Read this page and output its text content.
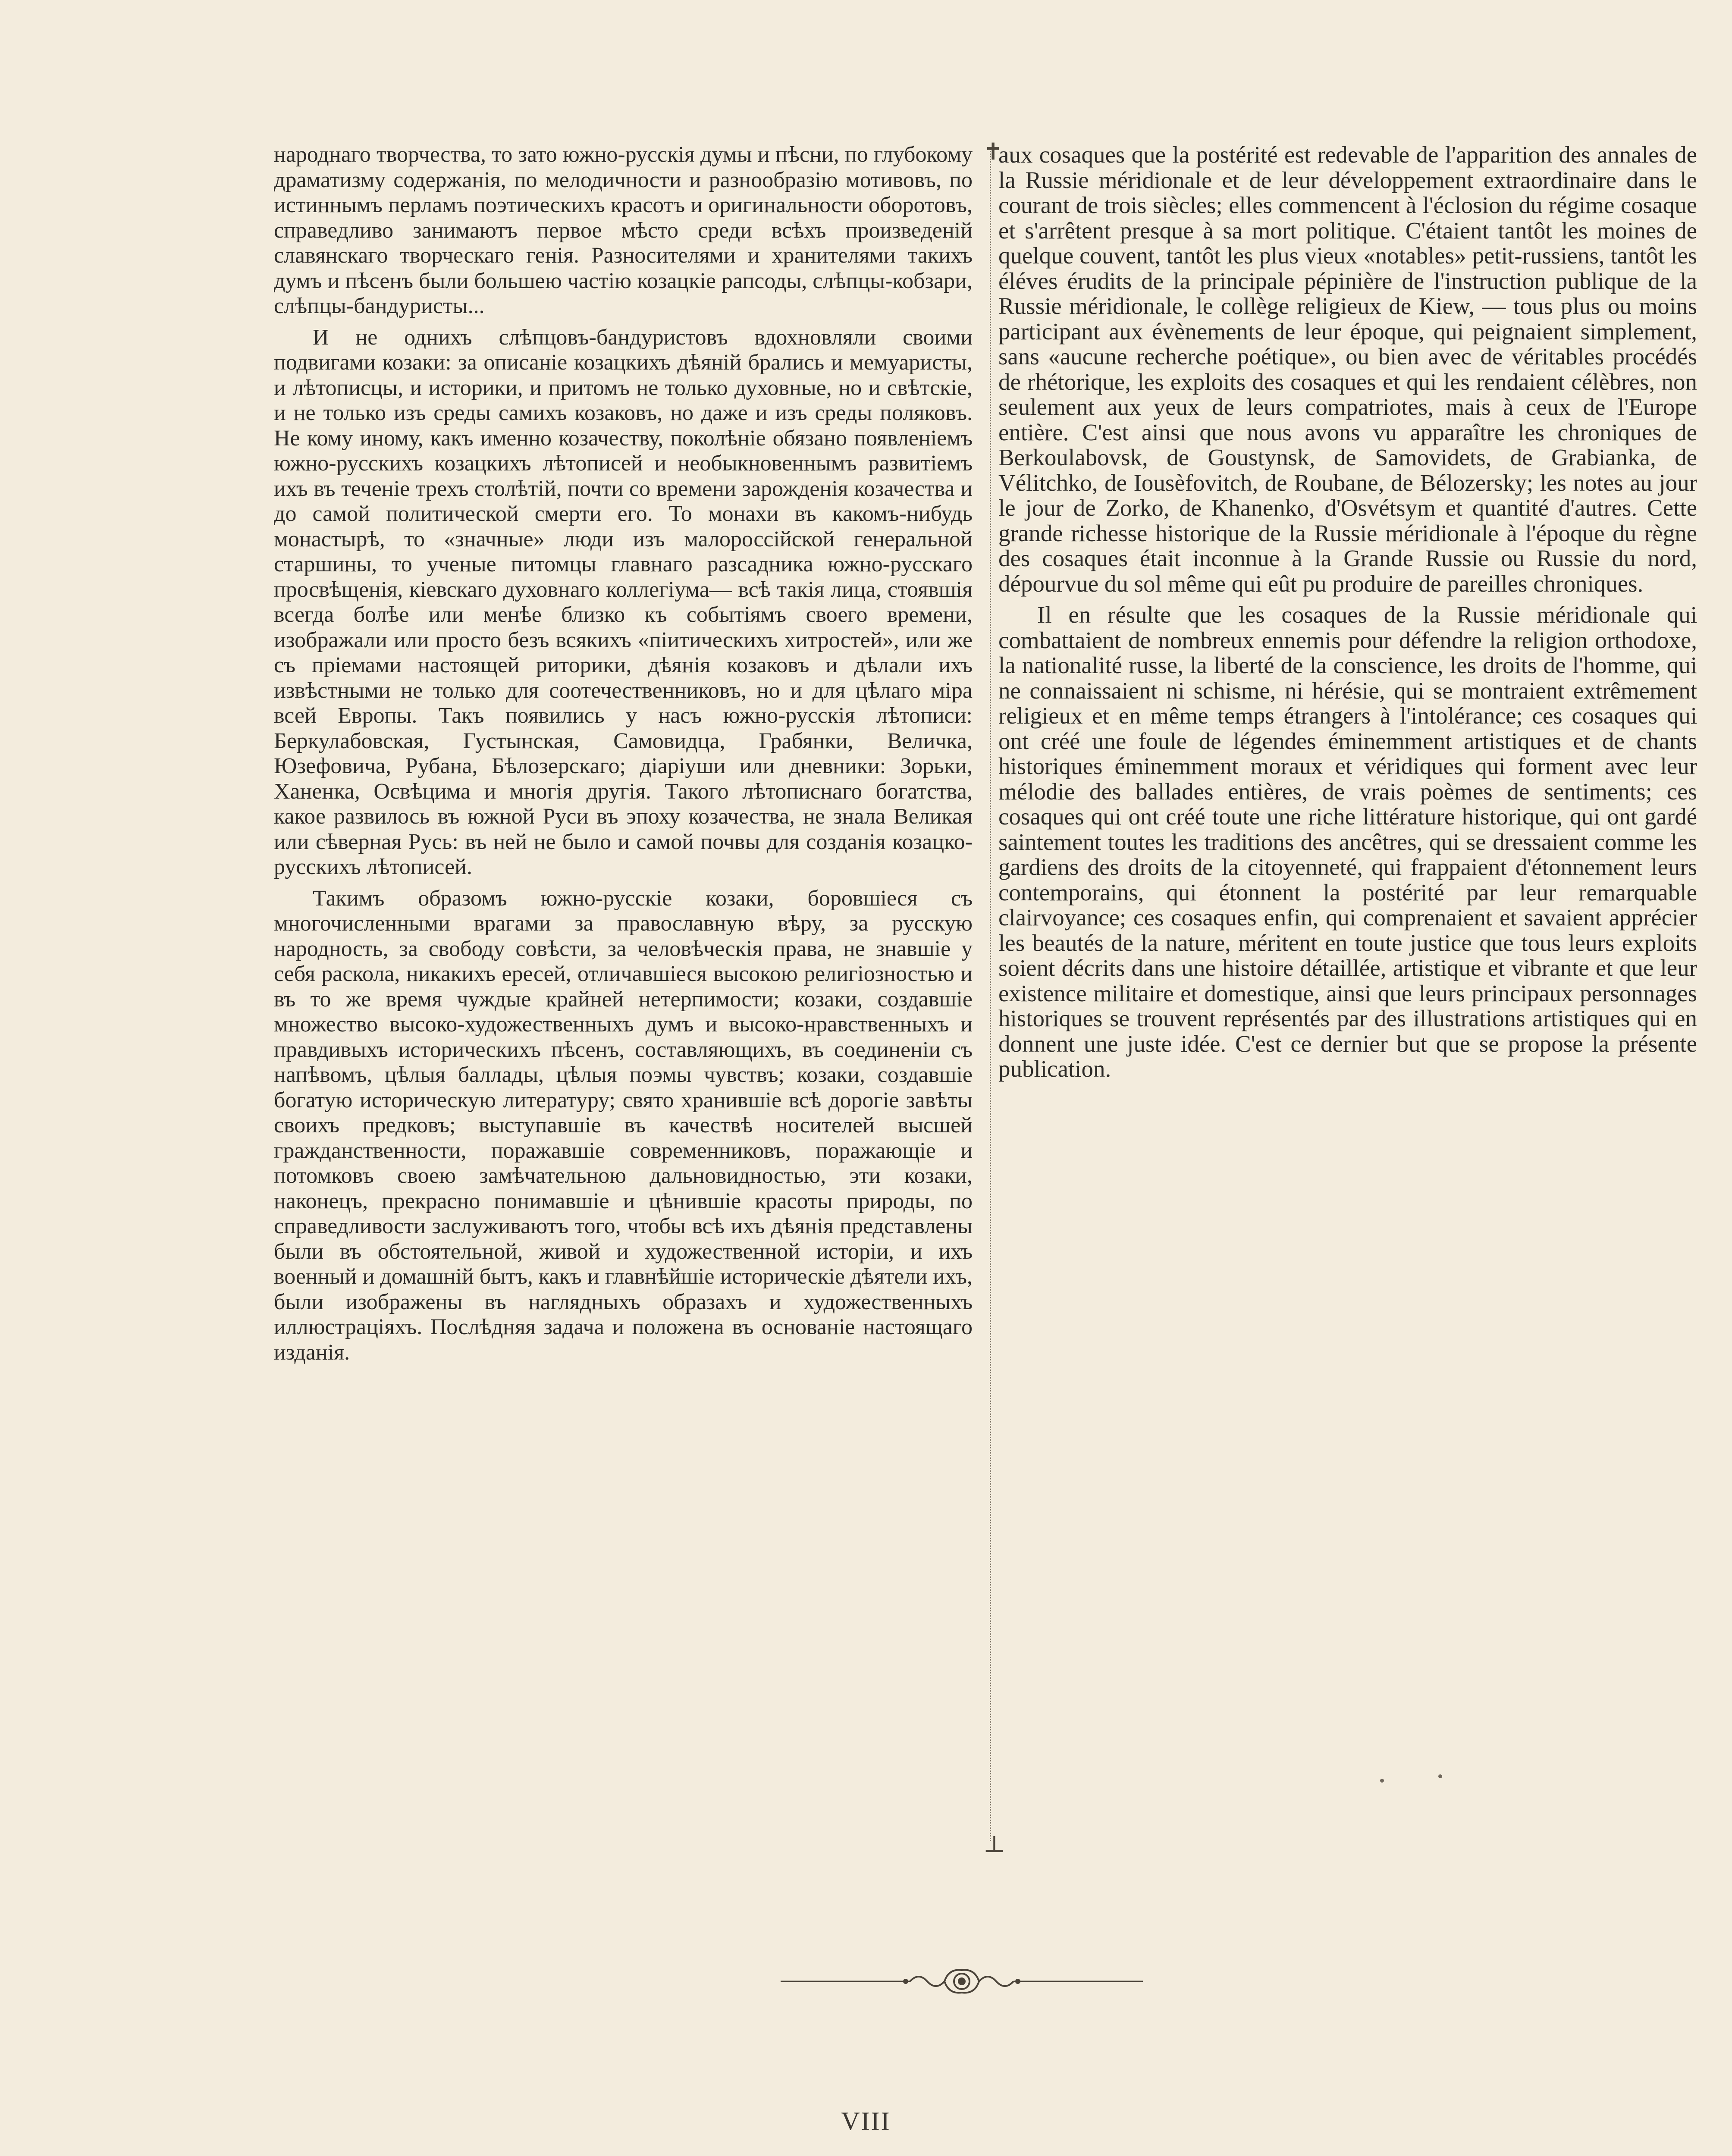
народнаго творчества, то зато южно-русскія думы и пѣсни, по глубокому драматизму содержанія, по мелодичности и разнообразію мотивовъ, по истиннымъ перламъ поэтическихъ красотъ и оригинальности оборотовъ, справедливо занимаютъ первое мѣсто среди всѣхъ произведеній славянскаго творческаго генія. Разносителями и хранителями такихъ думъ и пѣсенъ были большею частію козацкіе рапсоды, слѣпцы-кобзари, слѣпцы-бандуристы...

И не однихъ слѣпцовъ-бандуристовъ вдохновляли своими подвигами козаки: за описаніе козацкихъ дѣяній брались и мемуаристы, и лѣтописцы, и историки, и притомъ не только духовные, но и свѣтскіе, и не только изъ среды самихъ козаковъ, но даже и изъ среды поляковъ. Не кому иному, какъ именно козачеству, поколѣніе обязано появленіемъ южно-русскихъ козацкихъ лѣтописей и необыкновеннымъ развитіемъ ихъ въ теченіе трехъ столѣтій, почти со времени зарожденія козачества и до самой политической смерти его. То монахи въ какомъ-нибудь монастырѣ, то «значные» люди изъ малороссійской генеральной старшины, то ученые питомцы главнаго разсадника южно-русскаго просвѣщенія, кіевскаго духовнаго коллегіума— всѣ такія лица, стоявшія всегда болѣе или менѣе близко къ событіямъ своего времени, изображали или просто безъ всякихъ «піитическихъ хитростей», или же съ пріемами настоящей риторики, дѣянія козаковъ и дѣлали ихъ извѣстными не только для соотечественниковъ, но и для цѣлаго міра всей Европы. Такъ появились у насъ южно-русскія лѣтописи: Беркулабовская, Густынская, Самовидца, Грабянки, Величка, Юзефовича, Рубана, Бѣлозерскаго; діаріуши или дневники: Зорьки, Ханенка, Освѣцима и многія другія. Такого лѣтописнаго богатства, какое развилось въ южной Руси въ эпоху козачества, не знала Великая или сѣверная Русь: въ ней не было и самой почвы для созданія козацко-русскихъ лѣтописей.

Такимъ образомъ южно-русскіе козаки, боровшіеся съ многочисленными врагами за православную вѣру, за русскую народность, за свободу совѣсти, за человѣческія права, не знавшіе у себя раскола, никакихъ ересей, отличавшіеся высокою религіозностью и въ то же время чуждые крайней нетерпимости; козаки, создавшіе множество высоко-художественныхъ думъ и высоко-нравственныхъ и правдивыхъ историческихъ пѣсенъ, составляющихъ, въ соединеніи съ напѣвомъ, цѣлыя баллады, цѣлыя поэмы чувствъ; козаки, создавшіе богатую историческую литературу; свято хранившіе всѣ дорогіе завѣты своихъ предковъ; выступавшіе въ качествѣ носителей высшей гражданственности, поражавшіе современниковъ, поражающіе и потомковъ своею замѣчательною дальновидностью, эти козаки, наконецъ, прекрасно понимавшіе и цѣнившіе красоты природы, по справедливости заслуживаютъ того, чтобы всѣ ихъ дѣянія представлены были въ обстоятельной, живой и художественной исторіи, и ихъ военный и домашній бытъ, какъ и главнѣйшіе историческіе дѣятели ихъ, были изображены въ наглядныхъ образахъ и художественныхъ иллюстраціяхъ. Послѣдняя задача и положена въ основаніе настоящаго изданія.

✝
⊥

aux cosaques que la postérité est redevable de l'apparition des annales de la Russie méridionale et de leur développement extraordinaire dans le courant de trois siècles; elles commencent à l'éclosion du régime cosaque et s'arrêtent presque à sa mort politique. C'étaient tantôt les moines de quelque couvent, tantôt les plus vieux «notables» petit-russiens, tantôt les éléves érudits de la principale pépinière de l'instruction publique de la Russie méridionale, le collège religieux de Kiew, — tous plus ou moins participant aux évènements de leur époque, qui peignaient simplement, sans «aucune recherche poétique», ou bien avec de véritables procédés de rhétorique, les exploits des cosaques et qui les rendaient célèbres, non seulement aux yeux de leurs compatriotes, mais à ceux de l'Europe entière. C'est ainsi que nous avons vu apparaître les chroniques de Berkoulabovsk, de Goustynsk, de Samovidets, de Grabianka, de Vélitchko, de Iousèfovitch, de Roubane, de Bélozersky; les notes au jour le jour de Zorko, de Khanenko, d'Osvétsym et quantité d'autres. Cette grande richesse historique de la Russie méridionale à l'époque du règne des cosaques était inconnue à la Grande Russie ou Russie du nord, dépourvue du sol même qui eût pu produire de pareilles chroniques.

Il en résulte que les cosaques de la Russie méridionale qui combattaient de nombreux ennemis pour défendre la religion orthodoxe, la nationalité russe, la liberté de la conscience, les droits de l'homme, qui ne connaissaient ni schisme, ni hérésie, qui se montraient extrêmement religieux et en même temps étrangers à l'intolérance; ces cosaques qui ont créé une foule de légendes éminemment artistiques et de chants historiques éminemment moraux et véridiques qui forment avec leur mélodie des ballades entières, de vrais poèmes de sentiments; ces cosaques qui ont créé toute une riche littérature historique, qui ont gardé saintement toutes les traditions des ancêtres, qui se dressaient comme les gardiens des droits de la citoyenneté, qui frappaient d'étonnement leurs contemporains, qui étonnent la postérité par leur remarquable clairvoyance; ces cosaques enfin, qui comprenaient et savaient apprécier les beautés de la nature, méritent en toute justice que tous leurs exploits soient décrits dans une histoire détaillée, artistique et vibrante et que leur existence militaire et domestique, ainsi que leurs principaux personnages historiques se trouvent représentés par des illustrations artistiques qui en donnent une juste idée. C'est ce dernier but que se propose la présente publication.

VIII
